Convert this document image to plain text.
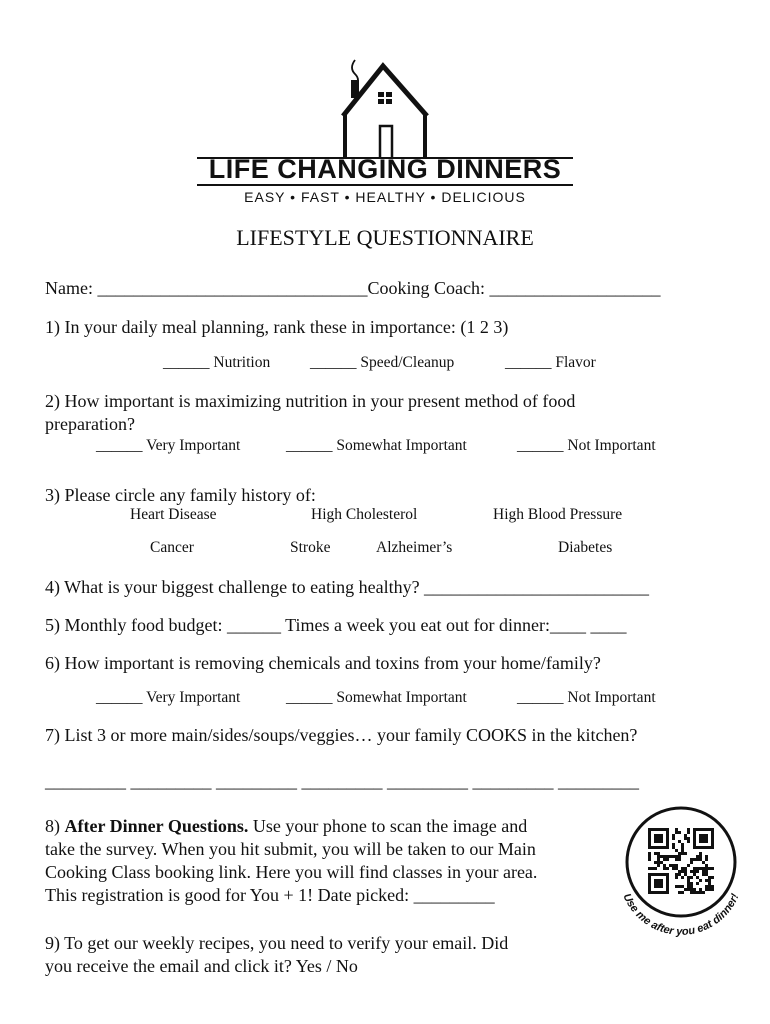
LIFE CHANGING DINNERS
EASY • FAST • HEALTHY • DELICIOUS
LIFESTYLE QUESTIONNAIRE
Name: ______________________________Cooking Coach: ___________________
1) In your daily meal planning, rank these in importance: (1 2 3)
______ Nutrition	______ Speed/Cleanup	______ Flavor
2) How important is maximizing nutrition in your present method of food
preparation?
______ Very Important	______ Somewhat Important	______ Not Important
3) Please circle any family history of:
Heart Disease	High Cholesterol	High Blood Pressure
Cancer	Stroke	Alzheimer’s	Diabetes
4) What is your biggest challenge to eating healthy? _________________________
5) Monthly food budget: ______ Times a week you eat out for dinner:____ ____
6) How important is removing chemicals and toxins from your home/family?
______ Very Important	______ Somewhat Important	______ Not Important
7) List 3 or more main/sides/soups/veggies… your family COOKS in the kitchen?
_________ _________ _________ _________ _________ _________ _________
8) After Dinner Questions. Use your phone to scan the image and
take the survey. When you hit submit, you will be taken to our Main
Cooking Class booking link. Here you will find classes in your area.
This registration is good for You + 1! Date picked: _________	Use me after you eat dinner!
9) To get our weekly recipes, you need to verify your email. Did
you receive the email and click it? Yes / No
